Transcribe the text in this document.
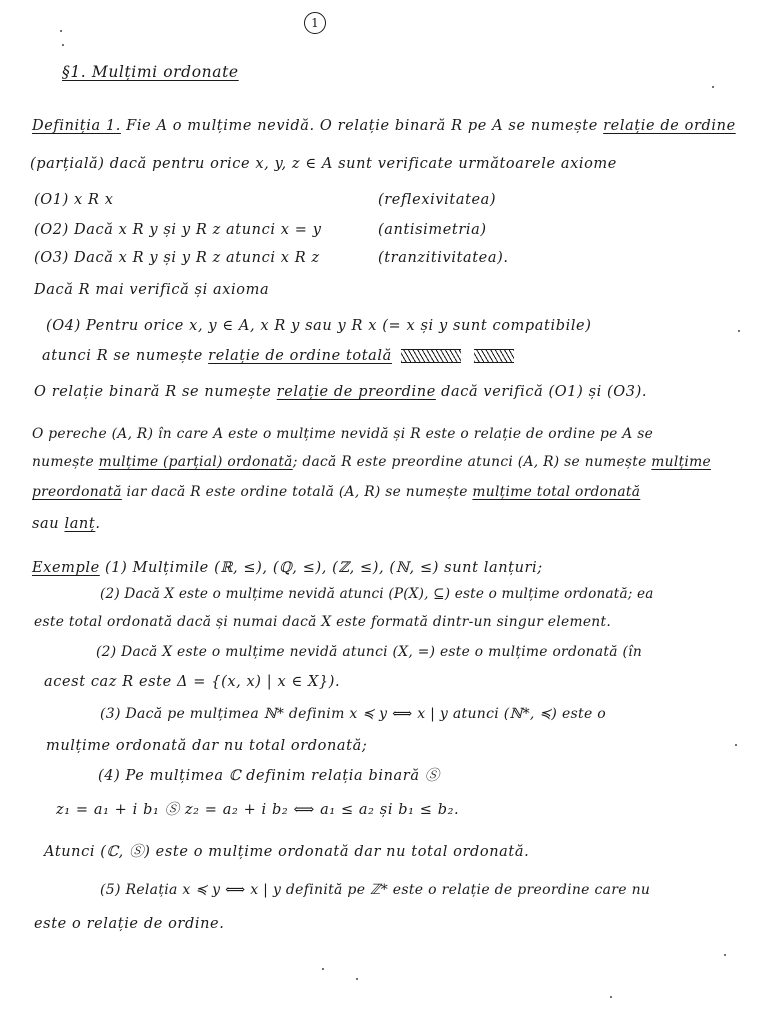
1
§1. Mulțimi ordonate
Definiția 1. Fie A o mulțime nevidă. O relație binară R pe A se numește relație de ordine
(parțială) dacă pentru orice x, y, z ∈ A sunt verificate următoarele axiome
(O1) x R x	(reflexivitatea)
(O2) Dacă x R y și y R z atunci x = y	(antisimetria)
(O3) Dacă x R y și y R z atunci x R z	(tranzitivitatea).
Dacă R mai verifică și axioma
(O4) Pentru orice x, y ∈ A, x R y sau y R x (= x și y sunt compatibile)
atunci R se numește relație de ordine totală
O relație binară R se numește relație de preordine dacă verifică (O1) și (O3).
O pereche (A, R) în care A este o mulțime nevidă și R este o relație de ordine pe A se
numește mulțime (parțial) ordonată; dacă R este preordine atunci (A, R) se numește mulțime
preordonată iar dacă R este ordine totală (A, R) se numește mulțime total ordonată
sau lanț.
Exemple (1) Mulțimile (ℝ, ≤), (ℚ, ≤), (ℤ, ≤), (ℕ, ≤) sunt lanțuri;
(2) Dacă X este o mulțime nevidă atunci (P(X), ⊆) este o mulțime ordonată; ea
este total ordonată dacă și numai dacă X este formată dintr-un singur element.
(2) Dacă X este o mulțime nevidă atunci (X, =) este o mulțime ordonată (în
acest caz R este Δ = {(x, x) | x ∈ X}).
(3) Dacă pe mulțimea ℕ* definim x ≼ y ⟺ x | y atunci (ℕ*, ≼) este o
mulțime ordonată dar nu total ordonată;
(4) Pe mulțimea ℂ definim relația binară Ⓢ
z₁ = a₁ + i b₁ Ⓢ z₂ = a₂ + i b₂ ⟺ a₁ ≤ a₂ și b₁ ≤ b₂.
Atunci (ℂ, Ⓢ) este o mulțime ordonată dar nu total ordonată.
(5) Relația x ≼ y ⟺ x | y definită pe ℤ* este o relație de preordine care nu
este o relație de ordine.
